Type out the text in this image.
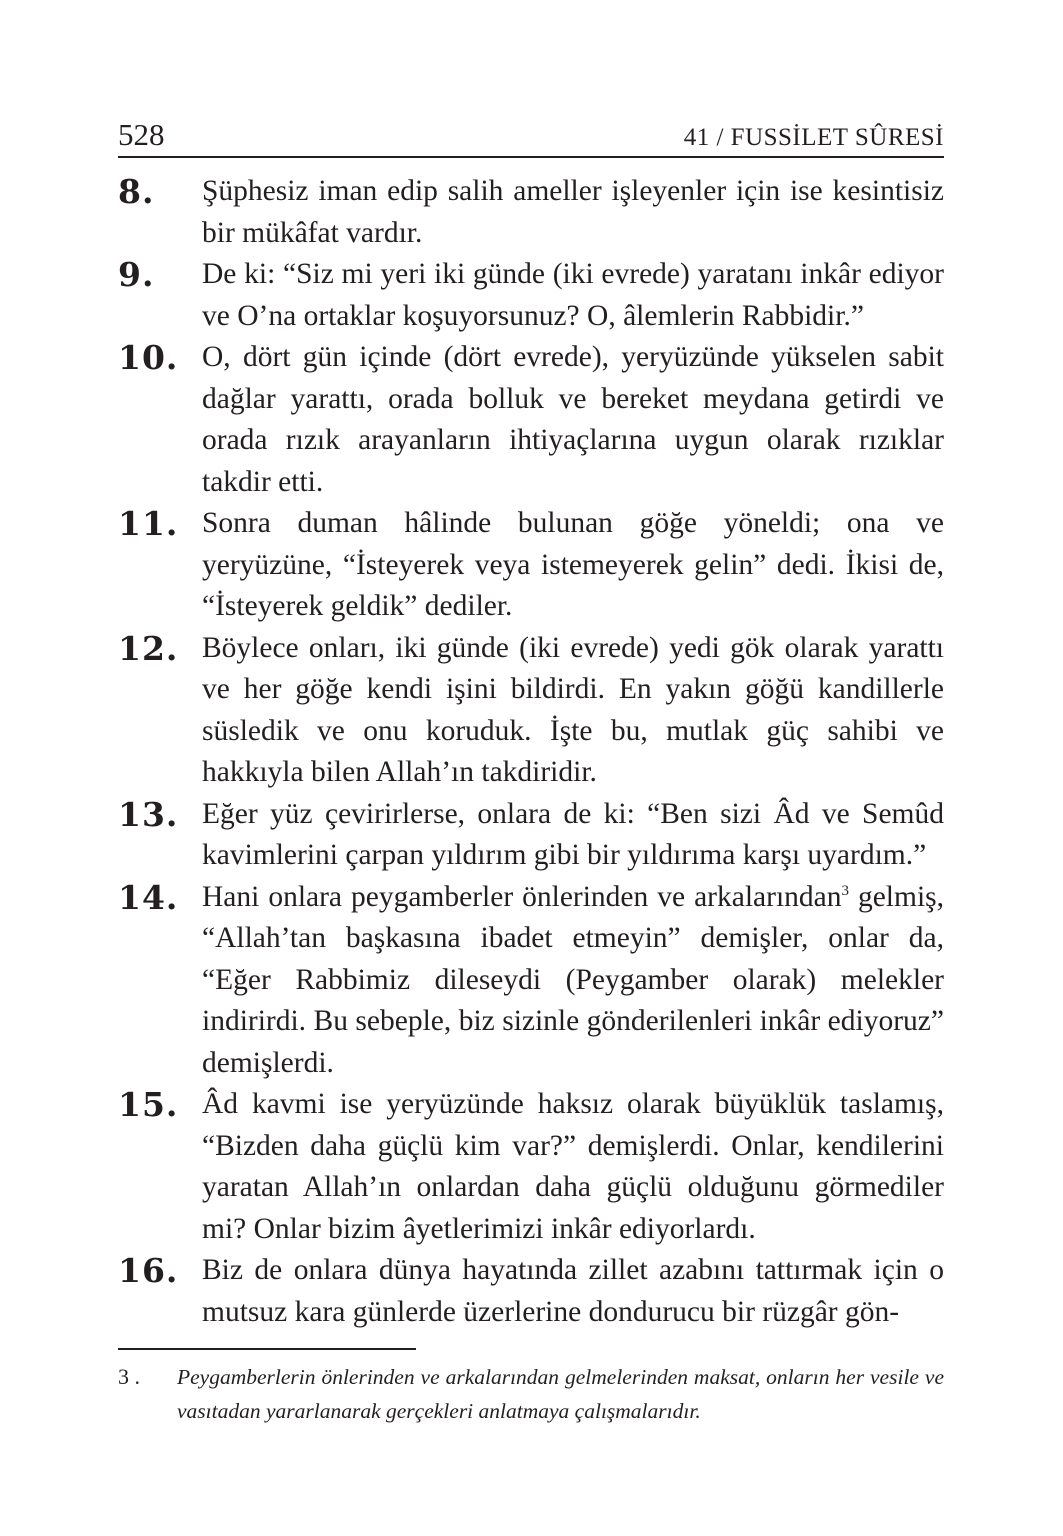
528	41 / FUSSİLET SÛRESİ

8. Şüphesiz iman edip salih ameller işleyenler için ise kesintisiz bir mükâfat vardır.

9. De ki: “Siz mi yeri iki günde (iki evrede) yaratanı inkâr ediyor ve O’na ortaklar koşuyorsunuz? O, âlemlerin Rabbidir.”

10. O, dört gün içinde (dört evrede), yeryüzünde yükselen sabit dağlar yarattı, orada bolluk ve bereket meydana getirdi ve orada rızık arayanların ihtiyaçlarına uygun olarak rızıklar takdir etti.

11. Sonra duman hâlinde bulunan göğe yöneldi; ona ve yeryüzüne, “İsteyerek veya istemeyerek gelin” dedi. İkisi de, “İsteyerek geldik” dediler.

12. Böylece onları, iki günde (iki evrede) yedi gök olarak yarattı ve her göğe kendi işini bildirdi. En yakın göğü kandillerle süsledik ve onu koruduk. İşte bu, mutlak güç sahibi ve hakkıyla bilen Allah’ın takdiridir.

13. Eğer yüz çevirirlerse, onlara de ki: “Ben sizi Âd ve Semûd kavimlerini çarpan yıldırım gibi bir yıldırıma karşı uyardım.”

14. Hani onlara peygamberler önlerinden ve arkalarından$^3$ gelmiş, “Allah’tan başkasına ibadet etmeyin” demişler, onlar da, “Eğer Rabbimiz dileseydi (Peygamber olarak) melekler indirirdi. Bu sebeple, biz sizinle gönderilenleri inkâr ediyoruz” demişlerdi.

15. Âd kavmi ise yeryüzünde haksız olarak büyüklük taslamış, “Bizden daha güçlü kim var?” demişlerdi. Onlar, kendilerini yaratan Allah’ın onlardan daha güçlü olduğunu görmediler mi? Onlar bizim âyetlerimizi inkâr ediyorlardı.

16. Biz de onlara dünya hayatında zillet azabını tattırmak için o mutsuz kara günlerde üzerlerine dondurucu bir rüzgâr gön-

3 . Peygamberlerin önlerinden ve arkalarından gelmelerinden maksat, onların her vesile ve vasıtadan yararlanarak gerçekleri anlatmaya çalışmalarıdır.
